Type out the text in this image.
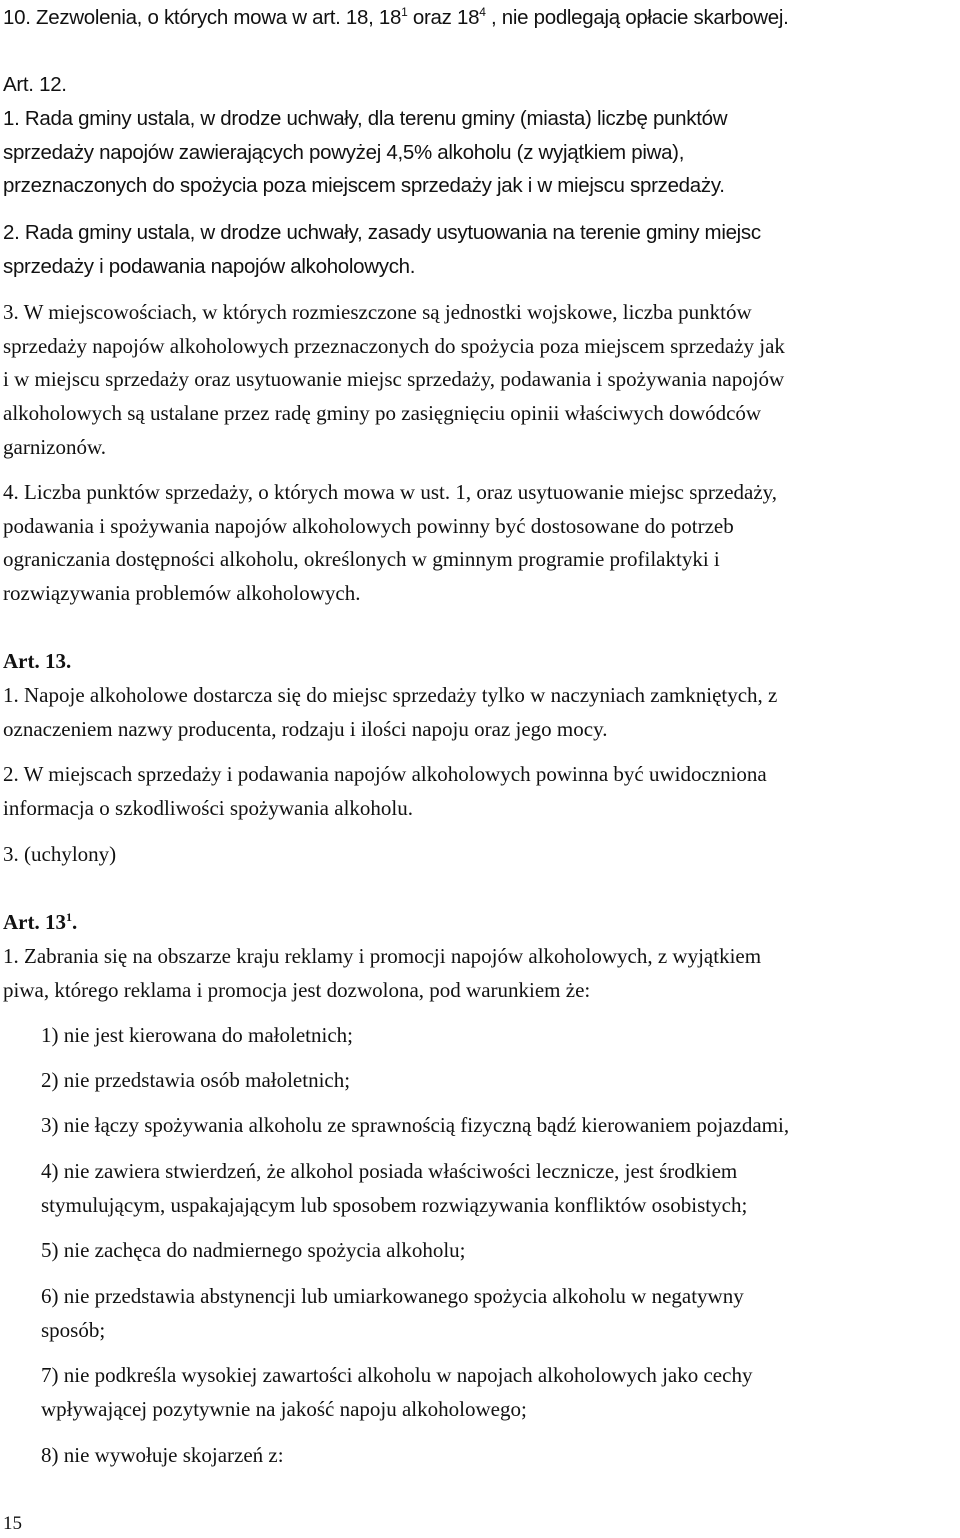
10. Zezwolenia, o których mowa w art. 18, $18^1$ oraz $18^4$ , nie podlegają opłacie skarbowej.
Art. 12.
1. Rada gminy ustala, w drodze uchwały, dla terenu gminy (miasta) liczbę punktów
sprzedaży napojów zawierających powyżej 4,5% alkoholu (z wyjątkiem piwa),
przeznaczonych do spożycia poza miejscem sprzedaży jak i w miejscu sprzedaży.
2. Rada gminy ustala, w drodze uchwały, zasady usytuowania na terenie gminy miejsc
sprzedaży i podawania napojów alkoholowych.
3. W miejscowościach, w których rozmieszczone są jednostki wojskowe, liczba punktów
sprzedaży napojów alkoholowych przeznaczonych do spożycia poza miejscem sprzedaży jak
i w miejscu sprzedaży oraz usytuowanie miejsc sprzedaży, podawania i spożywania napojów
alkoholowych są ustalane przez radę gminy po zasięgnięciu opinii właściwych dowódców
garnizonów.
4. Liczba punktów sprzedaży, o których mowa w ust. 1, oraz usytuowanie miejsc sprzedaży,
podawania i spożywania napojów alkoholowych powinny być dostosowane do potrzeb
ograniczania dostępności alkoholu, określonych w gminnym programie profilaktyki i
rozwiązywania problemów alkoholowych.
Art. 13.
1. Napoje alkoholowe dostarcza się do miejsc sprzedaży tylko w naczyniach zamkniętych, z
oznaczeniem nazwy producenta, rodzaju i ilości napoju oraz jego mocy.
2. W miejscach sprzedaży i podawania napojów alkoholowych powinna być uwidoczniona
informacja o szkodliwości spożywania alkoholu.
3. (uchylony)
Art. $13^1$.
1. Zabrania się na obszarze kraju reklamy i promocji napojów alkoholowych, z wyjątkiem
piwa, którego reklama i promocja jest dozwolona, pod warunkiem że:
1) nie jest kierowana do małoletnich;
2) nie przedstawia osób małoletnich;
3) nie łączy spożywania alkoholu ze sprawnością fizyczną bądź kierowaniem pojazdami,
4) nie zawiera stwierdzeń, że alkohol posiada właściwości lecznicze, jest środkiem
stymulującym, uspakajającym lub sposobem rozwiązywania konfliktów osobistych;
5) nie zachęca do nadmiernego spożycia alkoholu;
6) nie przedstawia abstynencji lub umiarkowanego spożycia alkoholu w negatywny
sposób;
7) nie podkreśla wysokiej zawartości alkoholu w napojach alkoholowych jako cechy
wpływającej pozytywnie na jakość napoju alkoholowego;
8) nie wywołuje skojarzeń z:
15
